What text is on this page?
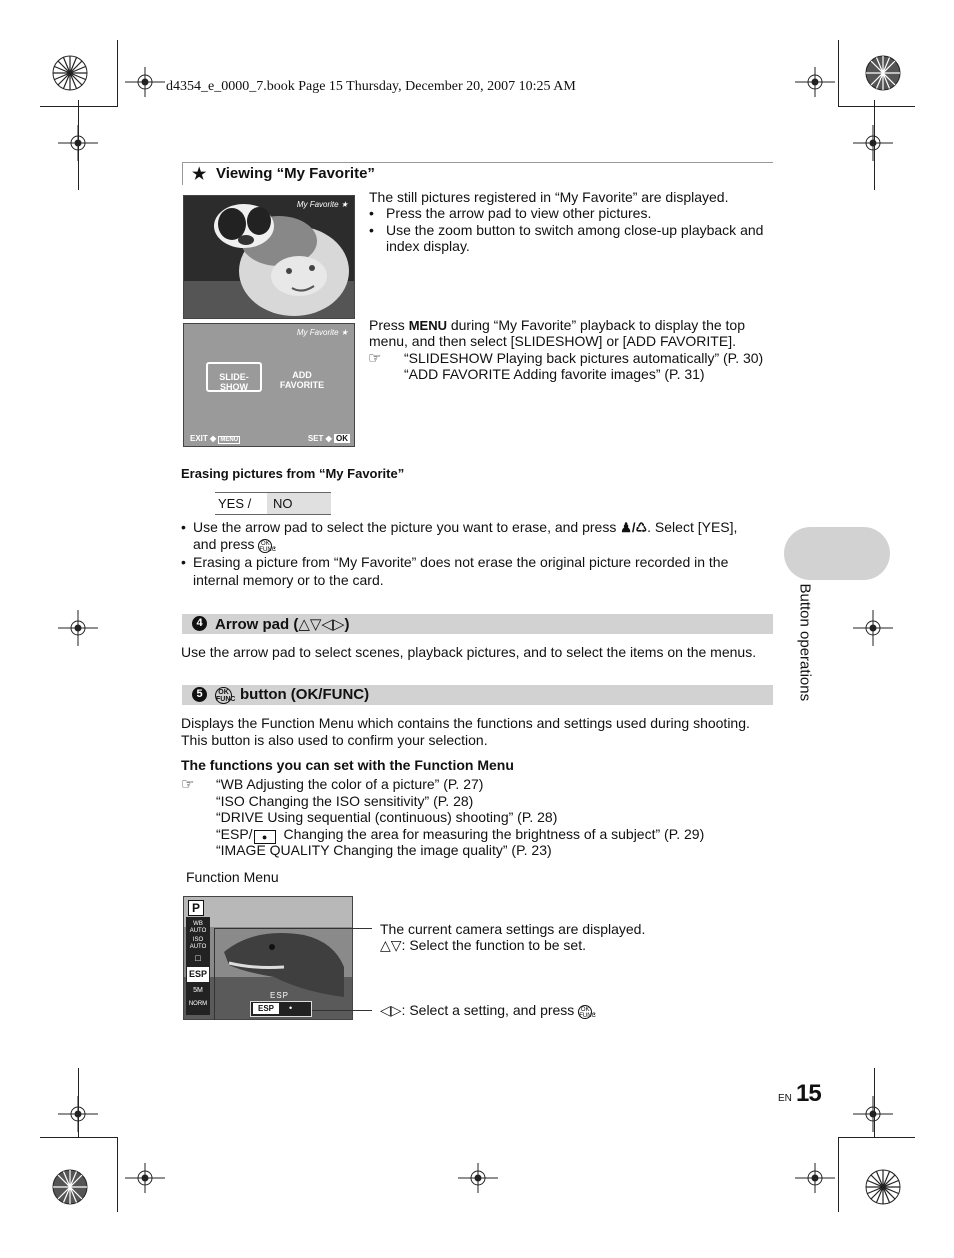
d4354_e_0000_7.book Page 15 Thursday, December 20, 2007 10:25 AM
★ Viewing “My Favorite”
My Favorite ★
My Favorite ★
SLIDE-
SHOW
ADD
FAVORITE
EXIT ◆ MENU	SET ◆ OK
The still pictures registered in “My Favorite” are displayed.
• Press the arrow pad to view other pictures.
• Use the zoom button to switch among close-up playback and
index display.
Press MENU during “My Favorite” playback to display the top
menu, and then select [SLIDESHOW] or [ADD FAVORITE].
☞ “SLIDESHOW Playing back pictures automatically” (P. 30)
“ADD FAVORITE Adding favorite images” (P. 31)
Erasing pictures from “My Favorite”
YES / NO
• Use the arrow pad to select the picture you want to erase, and press ♟/♺. Select [YES],
and press OK
FUNC.
• Erasing a picture from “My Favorite” does not erase the original picture recorded in the
internal memory or to the card.
4 Arrow pad (△▽◁▷)
Use the arrow pad to select scenes, playback pictures, and to select the items on the menus.
5	OK
FUNC button (OK/FUNC)
Displays the Function Menu which contains the functions and settings used during shooting.
This button is also used to confirm your selection.
The functions you can set with the Function Menu
☞ “WB Adjusting the color of a picture” (P. 27)
“ISO Changing the ISO sensitivity” (P. 28)
“DRIVE Using sequential (continuous) shooting” (P. 28)
“ESP/ ● Changing the area for measuring the brightness of a subject” (P. 29)
“IMAGE QUALITY Changing the image quality” (P. 23)
Function Menu
P
WB AUTO
ISO AUTO
□
ESP
5M
NORM
ESP
ESP	•
The current camera settings are displayed.
△▽: Select the function to be set.
◁▷: Select a setting, and press OK
FUNC.
Button operations
EN 15
